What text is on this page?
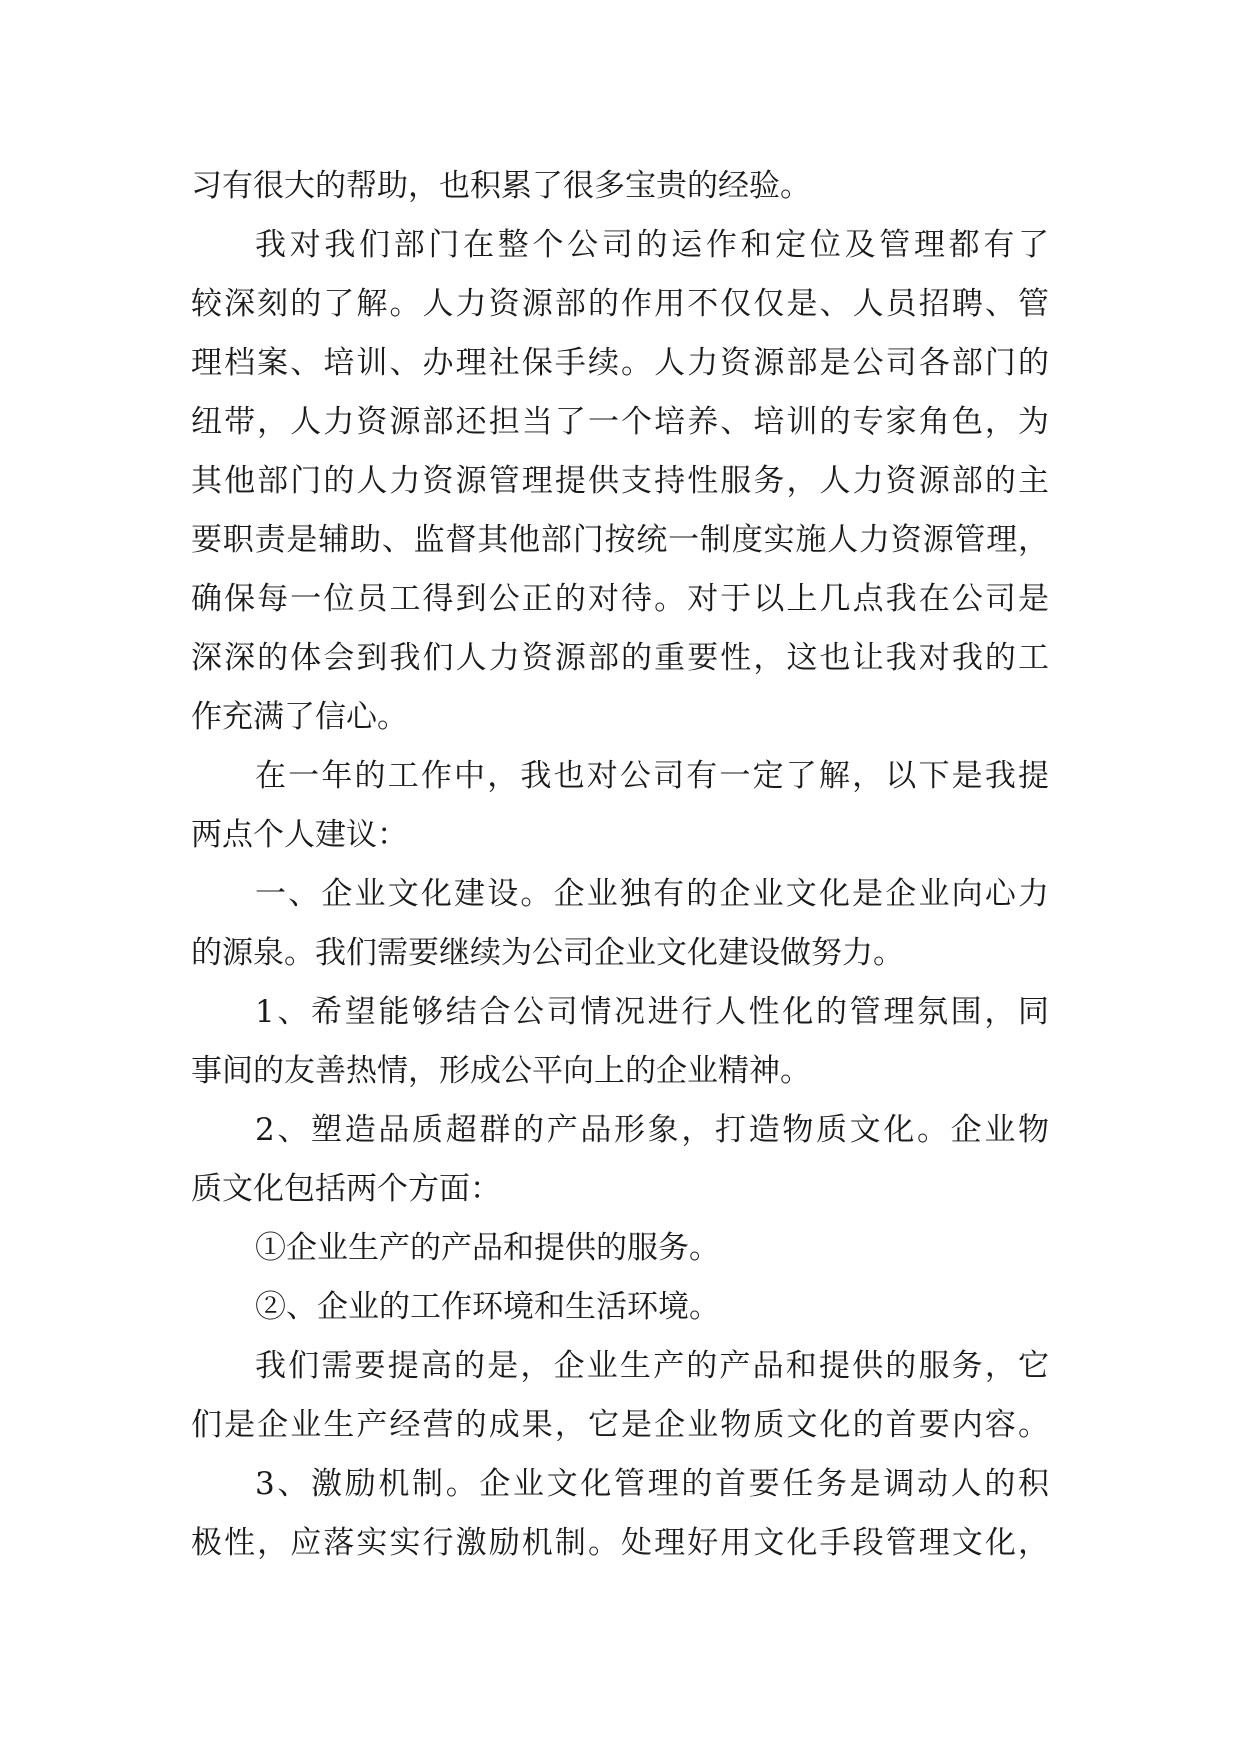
习有很大的帮助，也积累了很多宝贵的经验。
我对我们部门在整个公司的运作和定位及管理都有了
较深刻的了解。人力资源部的作用不仅仅是、人员招聘、管
理档案、培训、办理社保手续。人力资源部是公司各部门的
纽带，人力资源部还担当了一个培养、培训的专家角色，为
其他部门的人力资源管理提供支持性服务，人力资源部的主
要职责是辅助、监督其他部门按统一制度实施人力资源管理，
确保每一位员工得到公正的对待。对于以上几点我在公司是
深深的体会到我们人力资源部的重要性，这也让我对我的工
作充满了信心。
在一年的工作中，我也对公司有一定了解，以下是我提
两点个人建议：
一、企业文化建设。企业独有的企业文化是企业向心力
的源泉。我们需要继续为公司企业文化建设做努力。
1、希望能够结合公司情况进行人性化的管理氛围，同
事间的友善热情，形成公平向上的企业精神。
2、塑造品质超群的产品形象，打造物质文化。企业物
质文化包括两个方面：
①企业生产的产品和提供的服务。
②、企业的工作环境和生活环境。
我们需要提高的是，企业生产的产品和提供的服务，它
们是企业生产经营的成果，它是企业物质文化的首要内容。
3、激励机制。企业文化管理的首要任务是调动人的积
极性，应落实实行激励机制。处理好用文化手段管理文化，
